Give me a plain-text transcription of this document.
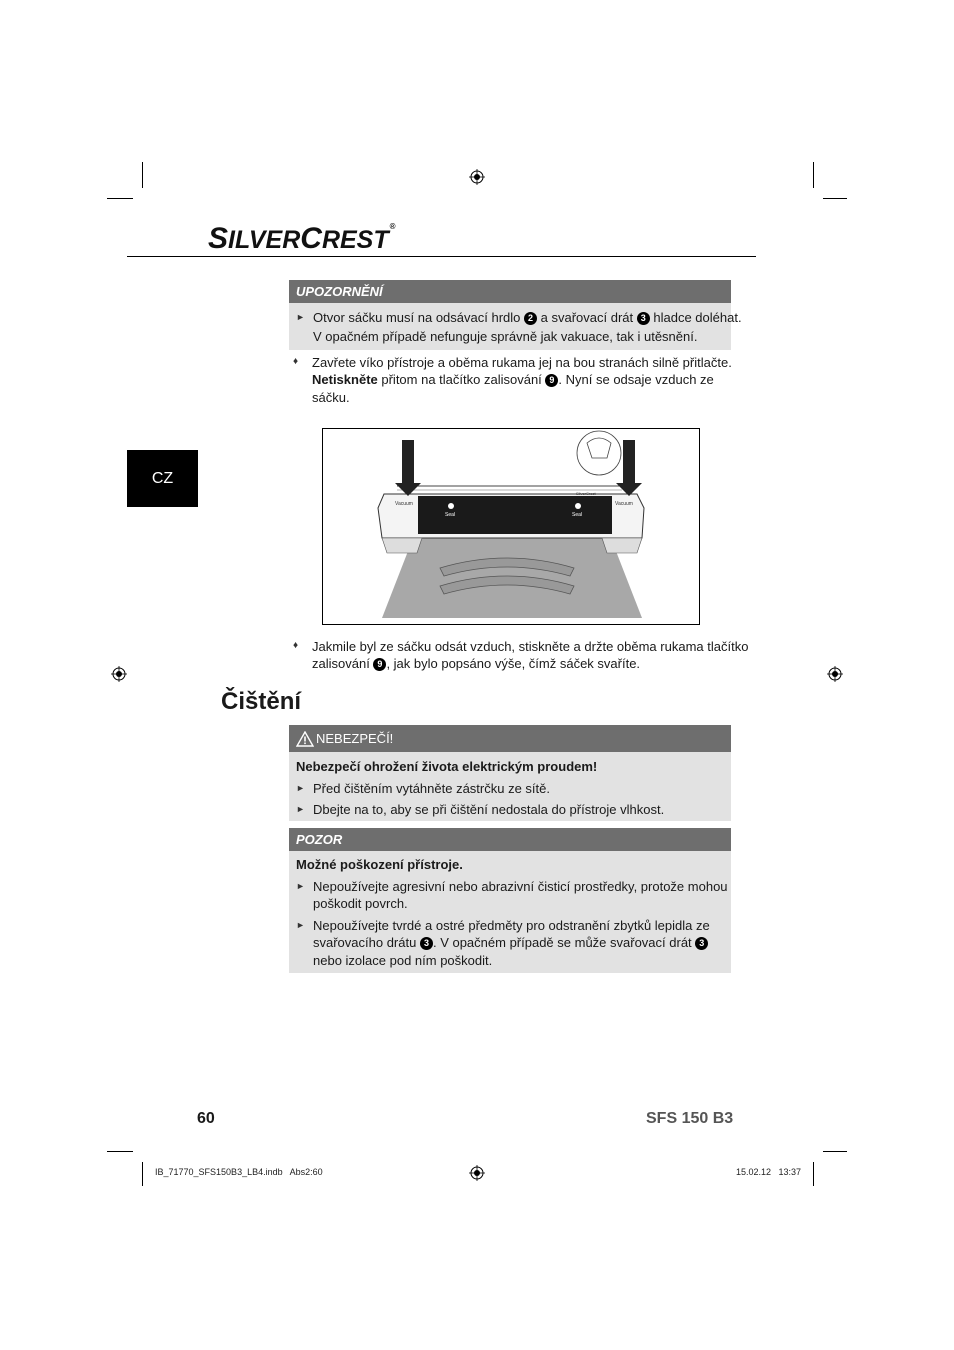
SILVERCREST®
CZ
UPOZORNĚNÍ
► Otvor sáčku musí na odsávací hrdlo 2 a svařovací drát 3 hladce doléhat.
V opačném případě nefunguje správně jak vakuace, tak i utěsnění.
♦ Zavřete víko přístroje a oběma rukama jej na bou stranách silně přitlačte.
Netiskněte přitom na tlačítko zalisování 9 . Nyní se odsaje vzduch ze
sáčku.
Vacuum	Vacuum
Seal	Seal
SilverCrest
♦ Jakmile byl ze sáčku odsát vzduch, stiskněte a držte oběma rukama tlačítko
zalisování 9 , jak bylo popsáno výše, čímž sáček svaříte.
Čištění
NEBEZPEČÍ!
Nebezpečí ohrožení života elektrickým proudem!
► Před čištěním vytáhněte zástrčku ze sítě.
► Dbejte na to, aby se při čištění nedostala do přístroje vlhkost.
POZOR
Možné poškození přístroje.
► Nepoužívejte agresivní nebo abrazivní čisticí prostředky, protože mohou
poškodit povrch.
► Nepoužívejte tvrdé a ostré předměty pro odstranění zbytků lepidla ze
svařovacího drátu 3 . V opačném případě se může svařovací drát 3
nebo izolace pod ním poškodit.
60	SFS 150 B3
IB_71770_SFS150B3_LB4.indb   Abs2:60	15.02.12   13:37
